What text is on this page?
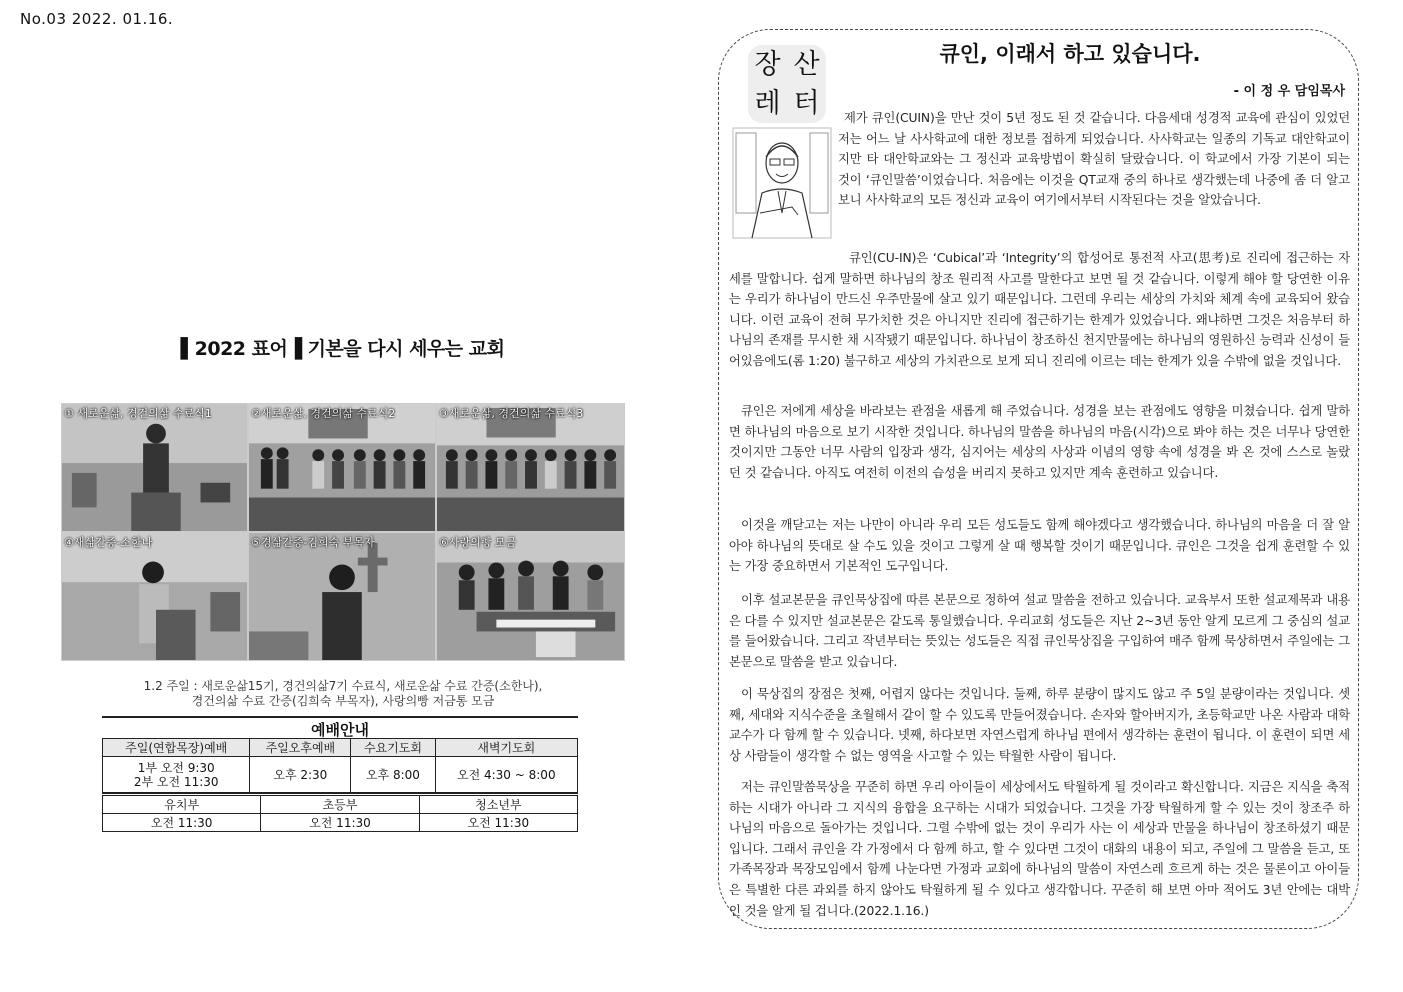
No.03 2022. 01.16.
▌2022 표어▐ 기본을 다시 세우는 교회
① 새로운삶, 경건의삶 수료식1	②새로운삶, 경건의삶 수료식2	③새로운삶, 경건의삶 수료식3
④새삶간증-소한나	⑤경삶간증-김희숙 부목자	⑥사랑의빵 모금
1.2 주일 : 새로운삶15기, 경건의삶7기 수료식, 새로운삶 수료 간증(소한나),
경건의삶 수료 간증(김희숙 부목자), 사랑의빵 저금통 모금
예배안내
주일(연합목장)예배	주일오후예배	수요기도회	새벽기도회

1부 오전 9:30
2부 오전 11:30	오후 2:30	오후 8:00	오전 4:30 ~ 8:00
유치부	초등부	청소년부
오전 11:30	오전 11:30	오전 11:30
장 산
레 터
큐인, 이래서 하고 있습니다.
- 이 정 우 담임목사
제가 큐인(CUIN)을 만난 것이 5년 정도 된 것 같습니다. 다음세대 성경적 교육에 관심이 있었던 저는 어느 날 사사학교에 대한 정보를 접하게 되었습니다. 사사학교는 일종의 기독교 대안학교이지만 타 대안학교와는 그 정신과 교육방법이 확실히 달랐습니다. 이 학교에서 가장 기본이 되는 것이 ‘큐인말씀’이었습니다. 처음에는 이것을 QT교재 중의 하나로 생각했는데 나중에 좀 더 알고 보니 사사학교의 모든 정신과 교육이 여기에서부터 시작된다는 것을 알았습니다.
큐인(CU-IN)은 ‘Cubical’과 ‘Integrity’의 합성어로 통전적 사고(思考)로 진리에 접근하는 자세를 말합니다. 쉽게 말하면 하나님의 창조 원리적 사고를 말한다고 보면 될 것 같습니다. 이렇게 해야 할 당연한 이유는 우리가 하나님이 만드신 우주만물에 살고 있기 때문입니다. 그런데 우리는 세상의 가치와 체계 속에 교육되어 왔습니다. 이런 교육이 전혀 무가치한 것은 아니지만 진리에 접근하기는 한계가 있었습니다. 왜냐하면 그것은 처음부터 하나님의 존재를 무시한 채 시작됐기 때문입니다. 하나님이 창조하신 천지만물에는 하나님의 영원하신 능력과 신성이 들어있음에도(롬 1:20) 불구하고 세상의 가치관으로 보게 되니 진리에 이르는 데는 한계가 있을 수밖에 없을 것입니다.
큐인은 저에게 세상을 바라보는 관점을 새롭게 해 주었습니다. 성경을 보는 관점에도 영향을 미쳤습니다. 쉽게 말하면 하나님의 마음으로 보기 시작한 것입니다. 하나님의 말씀을 하나님의 마음(시각)으로 봐야 하는 것은 너무나 당연한 것이지만 그동안 너무 사람의 입장과 생각, 심지어는 세상의 사상과 이념의 영향 속에 성경을 봐 온 것에 스스로 놀랐던 것 같습니다. 아직도 여전히 이전의 습성을 버리지 못하고 있지만 계속 훈련하고 있습니다.
이것을 깨닫고는 저는 나만이 아니라 우리 모든 성도들도 함께 해야겠다고 생각했습니다. 하나님의 마음을 더 잘 알아야 하나님의 뜻대로 살 수도 있을 것이고 그렇게 살 때 행복할 것이기 때문입니다. 큐인은 그것을 쉽게 훈련할 수 있는 가장 중요하면서 기본적인 도구입니다.
이후 설교본문을 큐인묵상집에 따른 본문으로 정하여 설교 말씀을 전하고 있습니다. 교육부서 또한 설교제목과 내용은 다를 수 있지만 설교본문은 같도록 통일했습니다. 우리교회 성도들은 지난 2~3년 동안 알게 모르게 그 중심의 설교를 들어왔습니다. 그리고 작년부터는 뜻있는 성도들은 직접 큐인묵상집을 구입하여 매주 함께 묵상하면서 주일에는 그 본문으로 말씀을 받고 있습니다.
이 묵상집의 장점은 첫째, 어렵지 않다는 것입니다. 둘째, 하루 분량이 많지도 않고 주 5일 분량이라는 것입니다. 셋째, 세대와 지식수준을 초월해서 같이 할 수 있도록 만들어졌습니다. 손자와 할아버지가, 초등학교만 나온 사람과 대학교수가 다 함께 할 수 있습니다. 넷째, 하다보면 자연스럽게 하나님 편에서 생각하는 훈련이 됩니다. 이 훈련이 되면 세상 사람들이 생각할 수 없는 영역을 사고할 수 있는 탁월한 사람이 됩니다.
저는 큐인말씀묵상을 꾸준히 하면 우리 아이들이 세상에서도 탁월하게 될 것이라고 확신합니다. 지금은 지식을 축적하는 시대가 아니라 그 지식의 융합을 요구하는 시대가 되었습니다. 그것을 가장 탁월하게 할 수 있는 것이 창조주 하나님의 마음으로 돌아가는 것입니다. 그럴 수밖에 없는 것이 우리가 사는 이 세상과 만물을 하나님이 창조하셨기 때문입니다. 그래서 큐인을 각 가정에서 다 함께 하고, 할 수 있다면 그것이 대화의 내용이 되고, 주일에 그 말씀을 듣고, 또 가족목장과 목장모임에서 함께 나눈다면 가정과 교회에 하나님의 말씀이 자연스레 흐르게 하는 것은 물론이고 아이들은 특별한 다른 과외를 하지 않아도 탁월하게 될 수 있다고 생각합니다. 꾸준히 해 보면 아마 적어도 3년 안에는 대박인 것을 알게 될 겁니다.(2022.1.16.)
